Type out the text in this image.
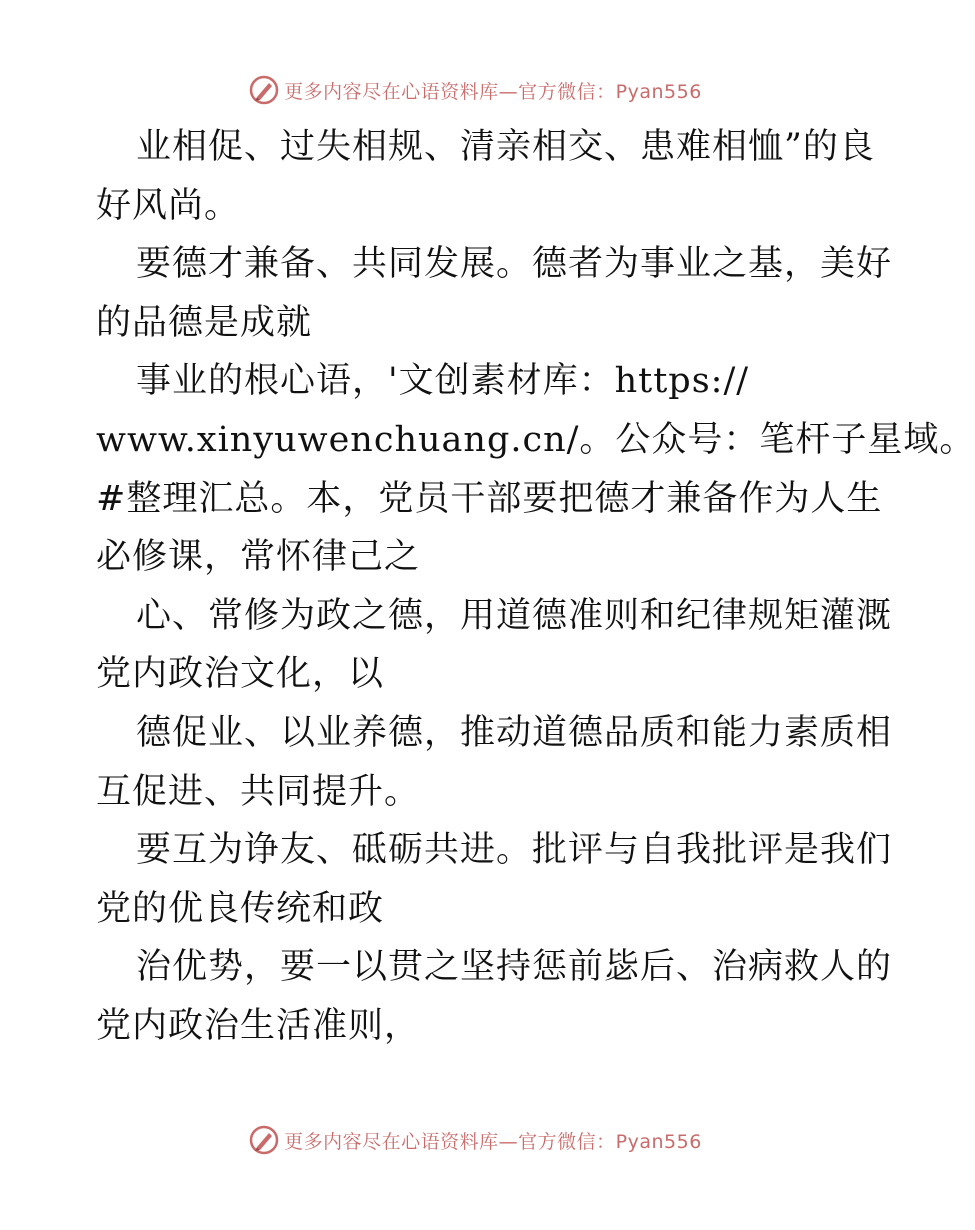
更多内容尽在心语资料库—官方微信：Pyan556
业相促、过失相规、清亲相交、患难相恤”的良
好风尚。
要德才兼备、共同发展。德者为事业之基，美好
的品德是成就
事业的根心语，'文创素材库：https://
www.xinyuwenchuang.cn/。公众号：笔杆子星域。
#整理汇总。本，党员干部要把德才兼备作为人生
必修课，常怀律己之
心、常修为政之德，用道德准则和纪律规矩灌溉
党内政治文化，以
德促业、以业养德，推动道德品质和能力素质相
互促进、共同提升。
要互为诤友、砥砺共进。批评与自我批评是我们
党的优良传统和政
治优势，要一以贯之坚持惩前毖后、治病救人的
党内政治生活准则，
更多内容尽在心语资料库—官方微信：Pyan556
